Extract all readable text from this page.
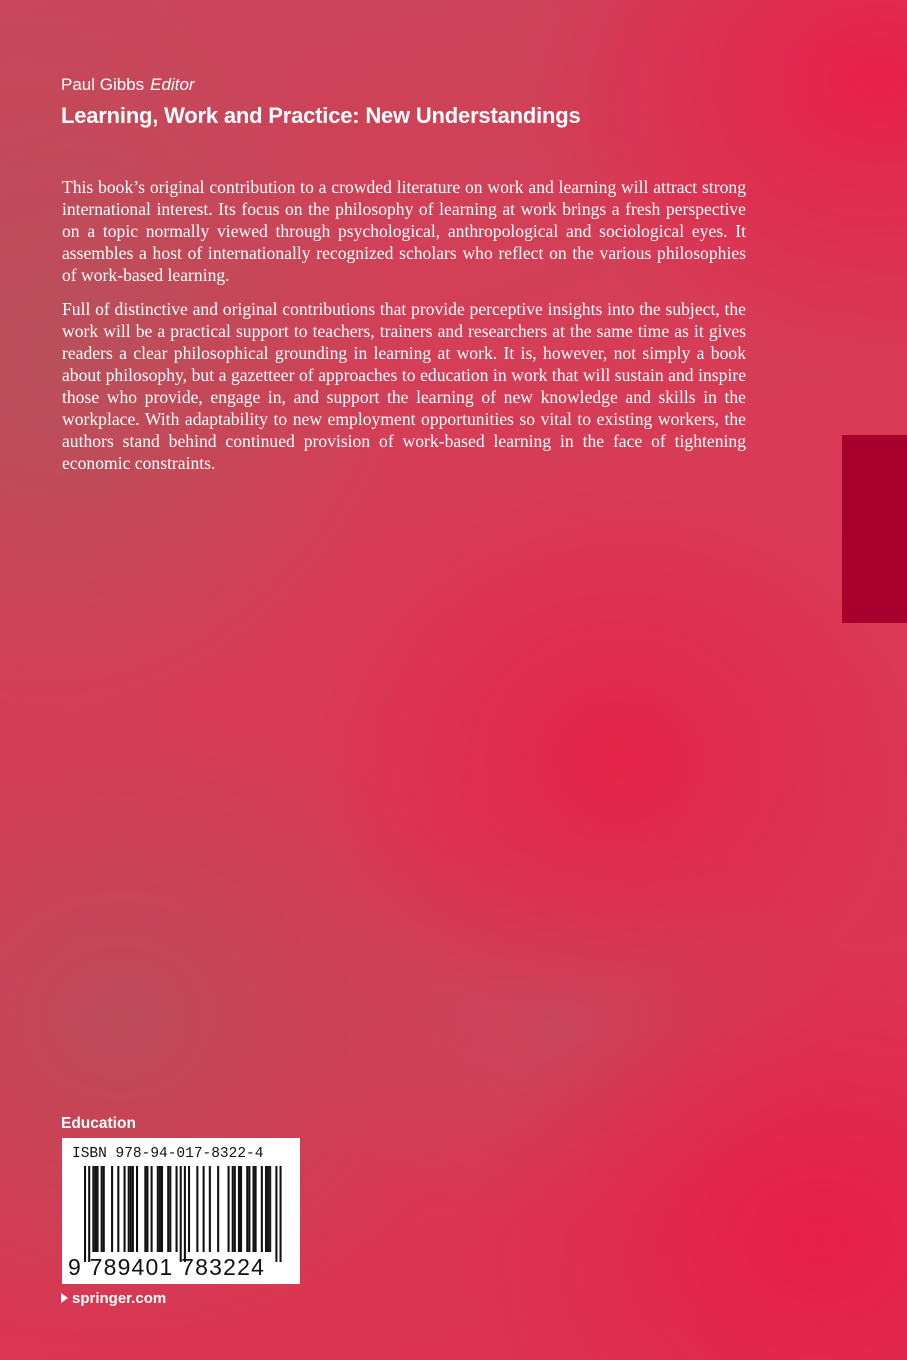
Paul Gibbs Editor
Learning, Work and Practice: New Understandings

This book’s original contribution to a crowded literature on work and learning will attract strong international interest. Its focus on the philosophy of learning at work brings a fresh perspective on a topic normally viewed through psychological, anthropological and sociological eyes. It assembles a host of internationally recognized scholars who reflect on the various philosophies of work-based learning.

Full of distinctive and original contributions that provide perceptive insights into the subject, the work will be a practical support to teachers, trainers and researchers at the same time as it gives readers a clear philosophical grounding in learning at work. It is, however, not simply a book about philosophy, but a gazetteer of approaches to education in work that will sustain and inspire those who provide, engage in, and support the learning of new knowledge and skills in the workplace. With adaptability to new employment opportunities so vital to existing workers, the authors stand behind continued provision of work-based learning in the face of tightening economic constraints.

Education
ISBN 978-94-017-8322-4
9 789401 783224
springer.com
